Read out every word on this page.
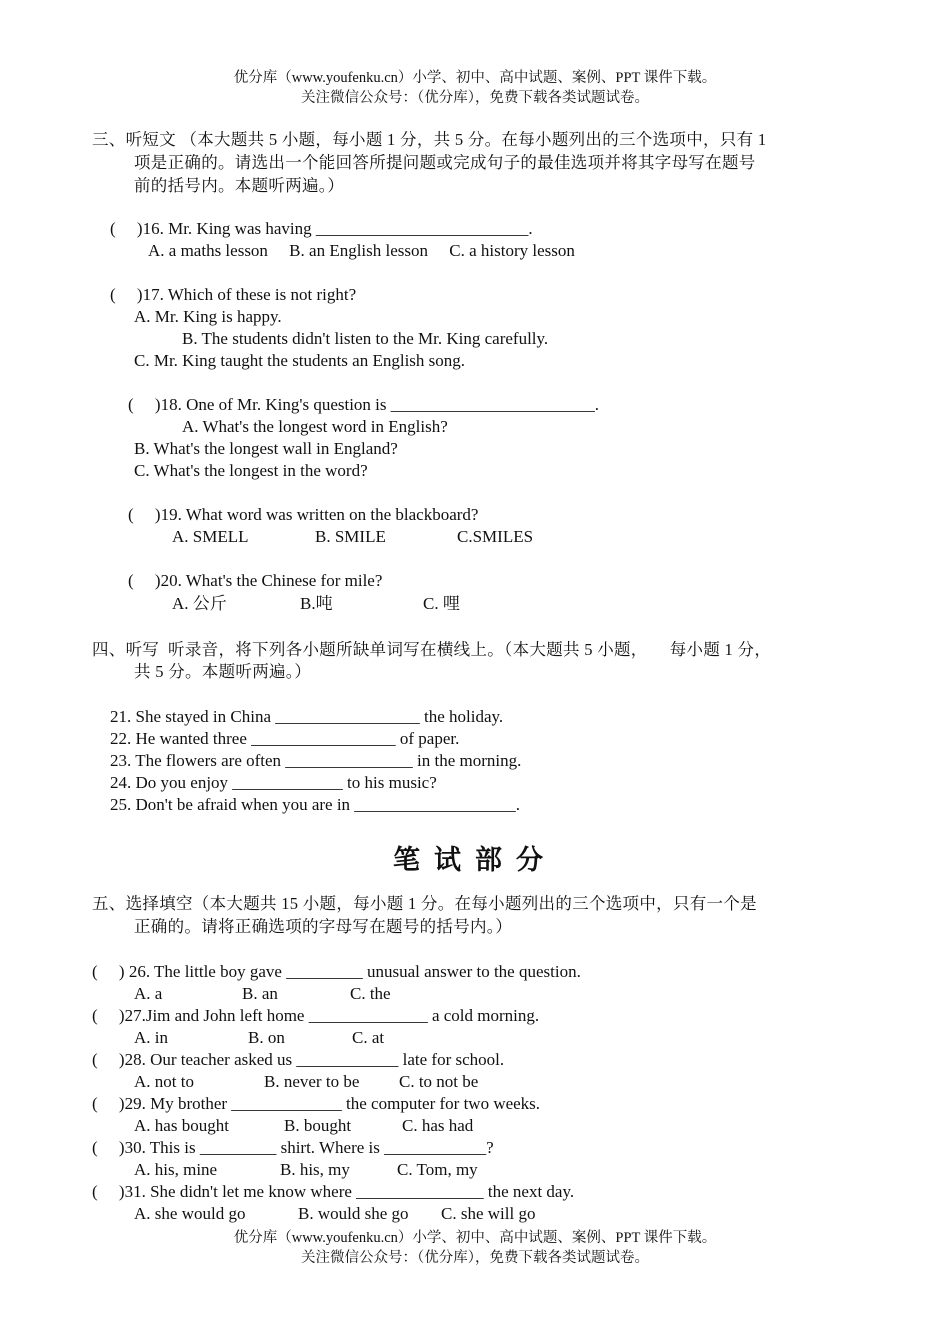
优分库（www.youfenku.cn）小学、初中、高中试题、案例、PPT 课件下载。
关注微信公众号：（优分库），免费下载各类试题试卷。
三、听短文 （本大题共 5 小题，每小题 1 分，共 5 分。在每小题列出的三个选项中，只有 1
项是正确的。请选出一个能回答所提问题或完成句子的最佳选项并将其字母写在题号
前的括号内。本题听两遍。）
(     )16. Mr. King was having _________________________.
A. a maths lesson     B. an English lesson     C. a history lesson
(     )17. Which of these is not right?
A. Mr. King is happy.
B. The students didn't listen to the Mr. King carefully.
C. Mr. King taught the students an English song.
(     )18. One of Mr. King's question is ________________________.
A. What's the longest word in English?
B. What's the longest wall in England?
C. What's the longest in the word?
(     )19. What word was written on the blackboard?
A. SMELL	B. SMILE	C.SMILES
(     )20. What's the Chinese for mile?
A. 公斤	B.吨	C. 哩
四、听写  听录音，将下列各小题所缺单词写在横线上。（本大题共 5 小题，     每小题 1 分，
共 5 分。本题听两遍。）
21. She stayed in China _________________ the holiday.
22. He wanted three _________________ of paper.
23. The flowers are often _______________ in the morning.
24. Do you enjoy _____________ to his music?
25. Don't be afraid when you are in ___________________.
笔试部分
五、选择填空（本大题共 15 小题，每小题 1 分。在每小题列出的三个选项中，只有一个是
正确的。请将正确选项的字母写在题号的括号内。）
(     ) 26. The little boy gave _________ unusual answer to the question.
A. a	B. an	C. the
(     )27.Jim and John left home ______________ a cold morning.
A. in	B. on	C. at
(     )28. Our teacher asked us ____________ late for school.
A. not to	B. never to be C. to not be
(     )29. My brother _____________ the computer for two weeks.
A. has bought	B. bought	C. has had
(     )30. This is _________ shirt. Where is ____________?
A. his, mine	B. his, my	C. Tom, my
(     )31. She didn't let me know where _______________ the next day.
A. she would go	B. would she go C. she will go
优分库（www.youfenku.cn）小学、初中、高中试题、案例、PPT 课件下载。
关注微信公众号：（优分库），免费下载各类试题试卷。
